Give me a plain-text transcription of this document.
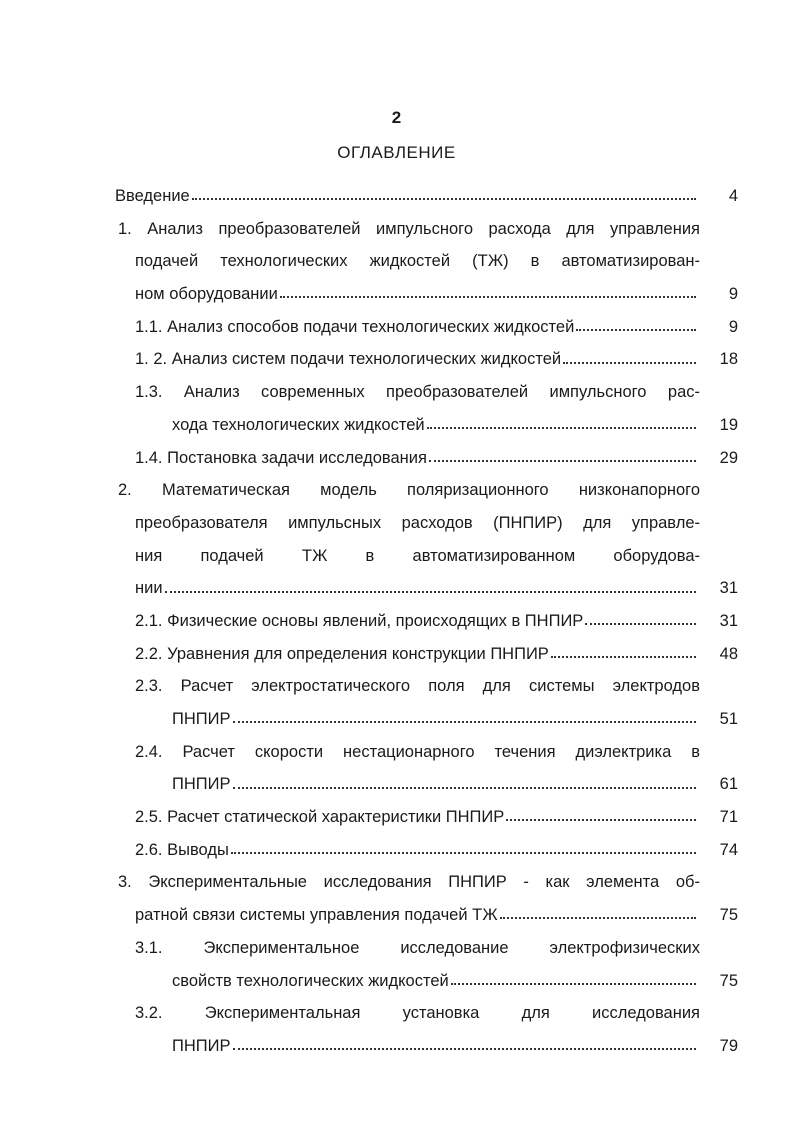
2
ОГЛАВЛЕНИЕ
Введение	4
1. Анализ преобразователей импульсного расхода для управления
подачей технологических жидкостей (ТЖ) в автоматизирован-
ном оборудовании	9
1.1. Анализ способов подачи технологических жидкостей	9
1. 2. Анализ систем подачи технологических жидкостей	18
1.3. Анализ современных преобразователей импульсного рас-
хода технологических жидкостей	19
1.4. Постановка задачи исследования	29
2. Математическая модель поляризационного низконапорного
преобразователя импульсных расходов (ПНПИР) для управле-
ния подачей ТЖ в автоматизированном оборудова-
нии	31
2.1. Физические основы явлений, происходящих в ПНПИР	31
2.2. Уравнения для определения конструкции ПНПИР	48
2.3. Расчет электростатического поля для системы электродов
ПНПИР	51
2.4. Расчет скорости нестационарного течения диэлектрика в
ПНПИР	61
2.5. Расчет статической характеристики ПНПИР	71
2.6. Выводы	74
3. Экспериментальные исследования ПНПИР - как элемента об-
ратной связи системы управления подачей ТЖ	75
3.1. Экспериментальное исследование электрофизических
свойств технологических жидкостей	75
3.2. Экспериментальная установка для исследования
ПНПИР	79
